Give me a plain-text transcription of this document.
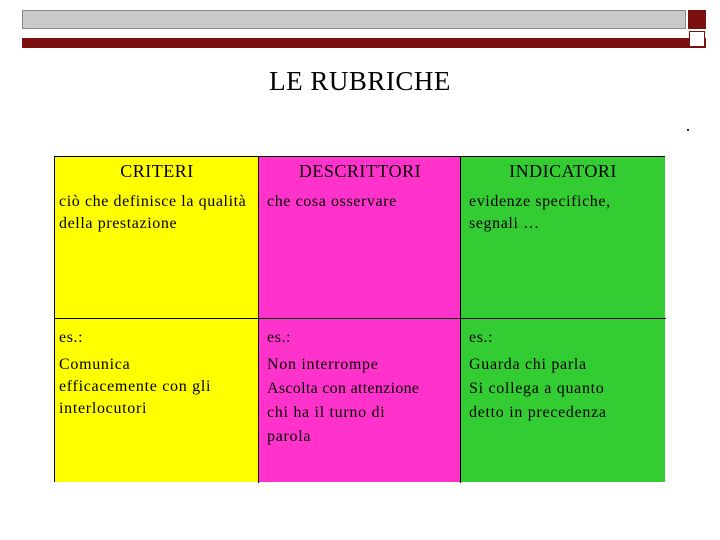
LE RUBRICHE
CRITERI
ciò che definisce la qualità della prestazione
DESCRITTORI
che cosa osservare
INDICATORI
evidenze specifiche, segnali …
es.:
Comunica
efficacemente con gli
interlocutori
es.:
Non interrompe
Ascolta con attenzione
chi ha il turno di
parola
es.:
Guarda chi parla
Si collega a quanto
detto in precedenza
